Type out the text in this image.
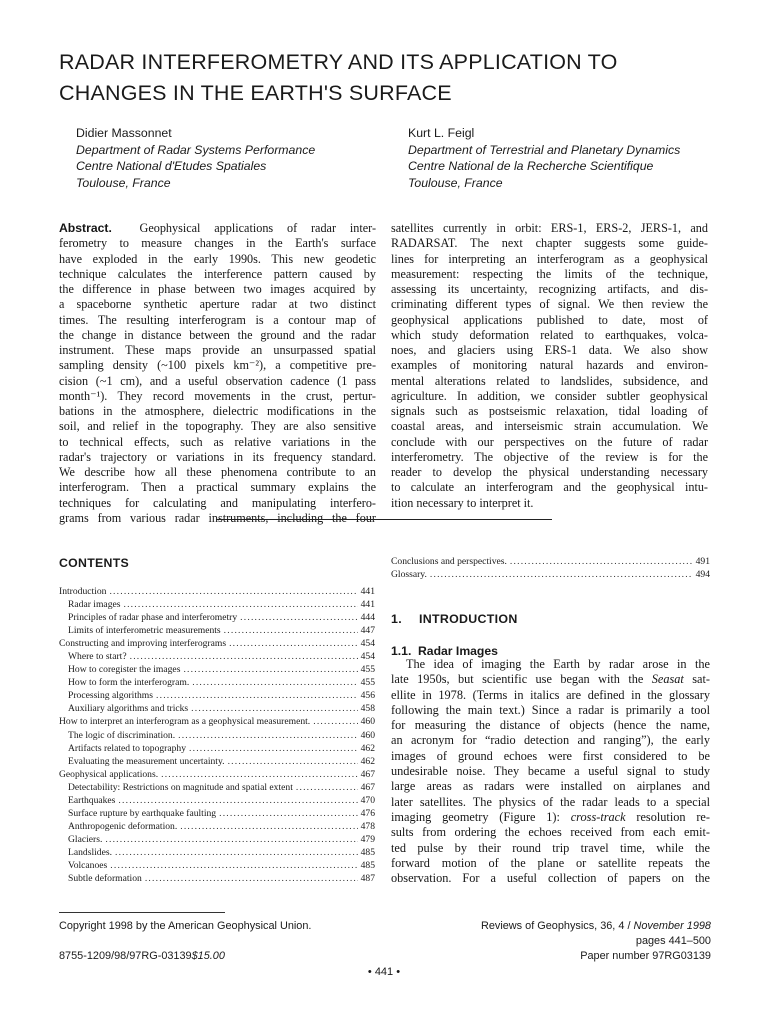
RADAR INTERFEROMETRY AND ITS APPLICATION TO
CHANGES IN THE EARTH'S SURFACE
Didier Massonnet
Department of Radar Systems Performance
Centre National d'Etudes Spatiales
Toulouse, France
Kurt L. Feigl
Department of Terrestrial and Planetary Dynamics
Centre National de la Recherche Scientifique
Toulouse, France
Abstract. Geophysical applications of radar inter-
ferometry to measure changes in the Earth's surface
have exploded in the early 1990s. This new geodetic
technique calculates the interference pattern caused by
the difference in phase between two images acquired by
a spaceborne synthetic aperture radar at two distinct
times. The resulting interferogram is a contour map of
the change in distance between the ground and the radar
instrument. These maps provide an unsurpassed spatial
sampling density (~100 pixels km⁻²), a competitive pre-
cision (~1 cm), and a useful observation cadence (1 pass
month⁻¹). They record movements in the crust, pertur-
bations in the atmosphere, dielectric modifications in the
soil, and relief in the topography. They are also sensitive
to technical effects, such as relative variations in the
radar's trajectory or variations in its frequency standard.
We describe how all these phenomena contribute to an
interferogram. Then a practical summary explains the
techniques for calculating and manipulating interfero-
grams from various radar instruments, including the four
satellites currently in orbit: ERS-1, ERS-2, JERS-1, and
RADARSAT. The next chapter suggests some guide-
lines for interpreting an interferogram as a geophysical
measurement: respecting the limits of the technique,
assessing its uncertainty, recognizing artifacts, and dis-
criminating different types of signal. We then review the
geophysical applications published to date, most of
which study deformation related to earthquakes, volca-
noes, and glaciers using ERS-1 data. We also show
examples of monitoring natural hazards and environ-
mental alterations related to landslides, subsidence, and
agriculture. In addition, we consider subtler geophysical
signals such as postseismic relaxation, tidal loading of
coastal areas, and interseismic strain accumulation. We
conclude with our perspectives on the future of radar
interferometry. The objective of the review is for the
reader to develop the physical understanding necessary
to calculate an interferogram and the geophysical intu-
ition necessary to interpret it.
CONTENTS
Introduction . . .	441
Radar images . . .	441
Principles of radar phase and interferometry . . .	444
Limits of interferometric measurements . . .	447
Constructing and improving interferograms . . .	454
Where to start? . . .	454
How to coregister the images . . .	455
How to form the interferogram. . . .	455
Processing algorithms . . .	456
Auxiliary algorithms and tricks . . .	458
How to interpret an interferogram as a geophysical measurement. . . .	460
The logic of discrimination. . . .	460
Artifacts related to topography . . .	462
Evaluating the measurement uncertainty. . . .	462
Geophysical applications. . . .	467
Detectability: Restrictions on magnitude and spatial extent . . .	467
Earthquakes . . .	470
Surface rupture by earthquake faulting . . .	476
Anthropogenic deformation. . . .	478
Glaciers. . . .	479
Landslides. . . .	485
Volcanoes . . .	485
Subtle deformation . . .	487
Conclusions and perspectives. . . .	491
Glossary. . . .	494
1. INTRODUCTION
1.1. Radar Images
The idea of imaging the Earth by radar arose in the
late 1950s, but scientific use began with the Seasat sat-
ellite in 1978. (Terms in italics are defined in the glossary
following the main text.) Since a radar is primarily a tool
for measuring the distance of objects (hence the name,
an acronym for “radio detection and ranging”), the early
images of ground echoes were first considered to be
undesirable noise. They became a useful signal to study
large areas as radars were installed on airplanes and
later satellites. The physics of the radar leads to a special
imaging geometry (Figure 1): cross-track resolution re-
sults from ordering the echoes received from each emit-
ted pulse by their round trip travel time, while the
forward motion of the plane or satellite repeats the
observation. For a useful collection of papers on the
Copyright 1998 by the American Geophysical Union.
8755-1209/98/97RG-03139$15.00
Reviews of Geophysics, 36, 4 / November 1998
pages 441–500
Paper number 97RG03139
• 441 •
